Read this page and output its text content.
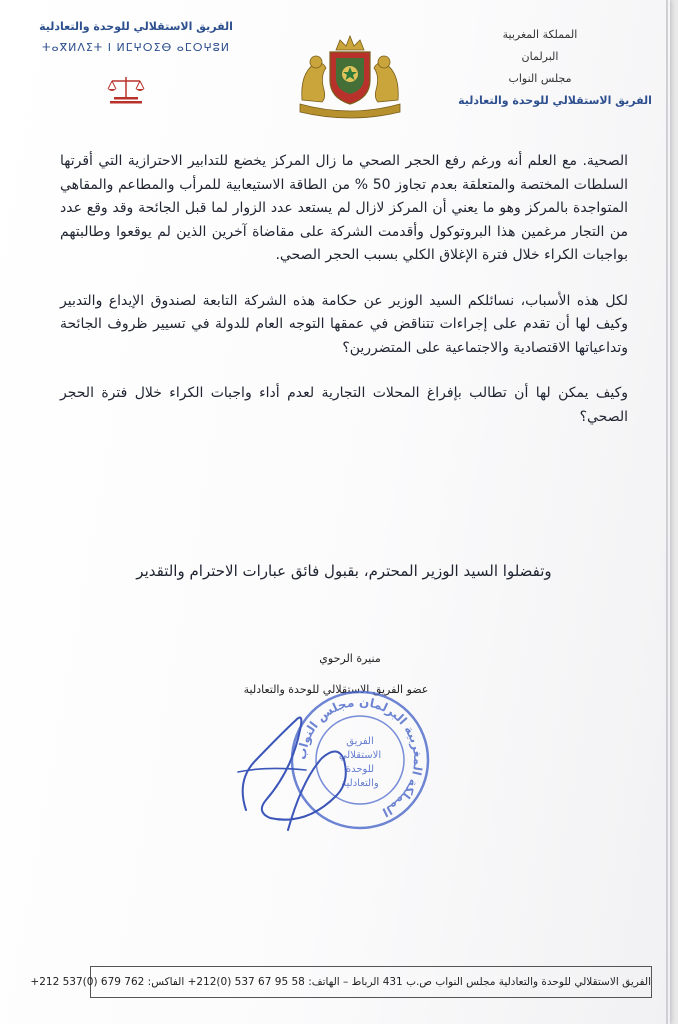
المملكة المغربية
البرلمان
مجلس النواب
الفريق الاستقلالي للوحدة والتعادلية
الفريق الاستقلالي للوحدة والتعادلية
ⵜⴰⴳⵍⴷⵉⵜ ⵏ ⵍⵎⵖⵔⵉⴱ ⴰⵎⵔⵖⵓⵍ

الصحية. مع العلم أنه ورغم رفع الحجر الصحي ما زال المركز يخضع للتدابير الاحترازية التي أقرتها السلطات المختصة والمتعلقة بعدم تجاوز 50 % من الطاقة الاستيعابية للمرأب والمطاعم والمقاهي المتواجدة بالمركز وهو ما يعني أن المركز لازال لم يستعد عدد الزوار لما قبل الجائحة وقد وقع عدد من التجار مرغمين هذا البروتوكول وأقدمت الشركة على مقاضاة آخرين الذين لم يوقعوا وطالبتهم بواجبات الكراء خلال فترة الإغلاق الكلي بسبب الحجر الصحي.

لكل هذه الأسباب، نسائلكم السيد الوزير عن حكامة هذه الشركة التابعة لصندوق الإيداع والتدبير وكيف لها أن تقدم على إجراءات تتناقض في عمقها التوجه العام للدولة في تسيير ظروف الجائحة وتداعياتها الاقتصادية والاجتماعية على المتضررين؟

وكيف يمكن لها أن تطالب بإفراغ المحلات التجارية لعدم أداء واجبات الكراء خلال فترة الحجر الصحي؟

وتفضلوا السيد الوزير المحترم، بقبول فائق عبارات الاحترام والتقدير
منيرة الرحوي
عضو الفريق الاستقلالي للوحدة والتعادلية
المملكة المغربية البرلمان مجلس النواب
الفريق
الاستقلالي
للوحدة
والتعادلية
الفريق الاستقلالي للوحدة والتعادلية مجلس النواب ص.ب 431 الرباط – الهاتف: 58 95 67 537 (0)212+ الفاكس: 762 679 (0)537 212+
